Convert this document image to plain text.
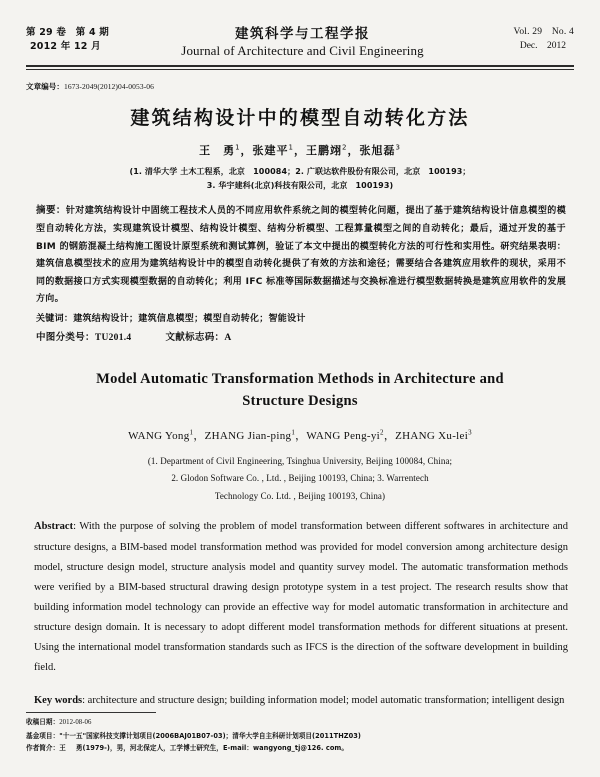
第 29 卷　第 4 期
2012 年 12 月
建筑科学与工程学报
Journal of Architecture and Civil Engineering
Vol. 29　No. 4
Dec.　2012
文章编号：1673-2049(2012)04-0053-06
建筑结构设计中的模型自动转化方法
王 勇$^1$，张建平$^1$，王鹏翊$^2$，张旭磊$^3$
(1. 清华大学 土木工程系，北京　100084；2. 广联达软件股份有限公司，北京　100193；
3. 华宇建科(北京)科技有限公司，北京　100193)
摘要：针对建筑结构设计中固统工程技术人员的不同应用软件系统之间的模型转化问题，提出了基于建筑结构设计信息模型的模型自动转化方法，实现建筑设计模型、结构设计模型、结构分析模型、工程算量模型之间的自动转化；最后，通过开发的基于 BIM 的钢筋混凝土结构施工图设计原型系统和测试算例，验证了本文中提出的模型转化方法的可行性和实用性。研究结果表明：建筑信息模型技术的应用为建筑结构设计中的模型自动转化提供了有效的方法和途径；需要结合各建筑应用软件的现状，采用不同的数据接口方式实现模型数据的自动转化；利用 IFC 标准等国际数据描述与交换标准进行模型数据转换是建筑应用软件的发展方向。
关键词：建筑结构设计；建筑信息模型；模型自动转化；智能设计
中图分类号：TU201.4	文献标志码：A
Model Automatic Transformation Methods in Architecture and
Structure Designs
WANG Yong$^1$，ZHANG Jian-ping$^1$，WANG Peng-$yi^2$，ZHANG Xu-lei$^3$
(1. Department of Civil Engineering, Tsinghua University, Beijing 100084, China;
2. Glodon Software Co. , Ltd. , Beijing 100193, China; 3. Warrentech
Technology Co. Ltd. , Beijing 100193, China)
Abstract: With the purpose of solving the problem of model transformation between different softwares in architecture and structure designs, a BIM-based model transformation method was provided for model conversion among architecture design model, structure design model, structure analysis model and quantity survey model. The automatic transformation methods were verified by a BIM-based structural drawing design prototype system in a test project. The research results show that building information model technology can provide an effective way for model automatic transformation in architecture and structure design domain. It is necessary to adopt different model transformation methods for different situations at present. Using the international model transformation standards such as IFCS is the direction of the software development in building field.
Key words: architecture and structure design; building information model; model automatic transformation; intelligent design
收稿日期：2012-08-06
基金项目："十一五"国家科技支撑计划项目(2006BAJ01B07-03)；清华大学自主科研计划项目(2011THZ03)
作者简介：王 勇(1979-)，男，河北保定人，工学博士研究生，E-mail：wangyong_tj@126. com。
